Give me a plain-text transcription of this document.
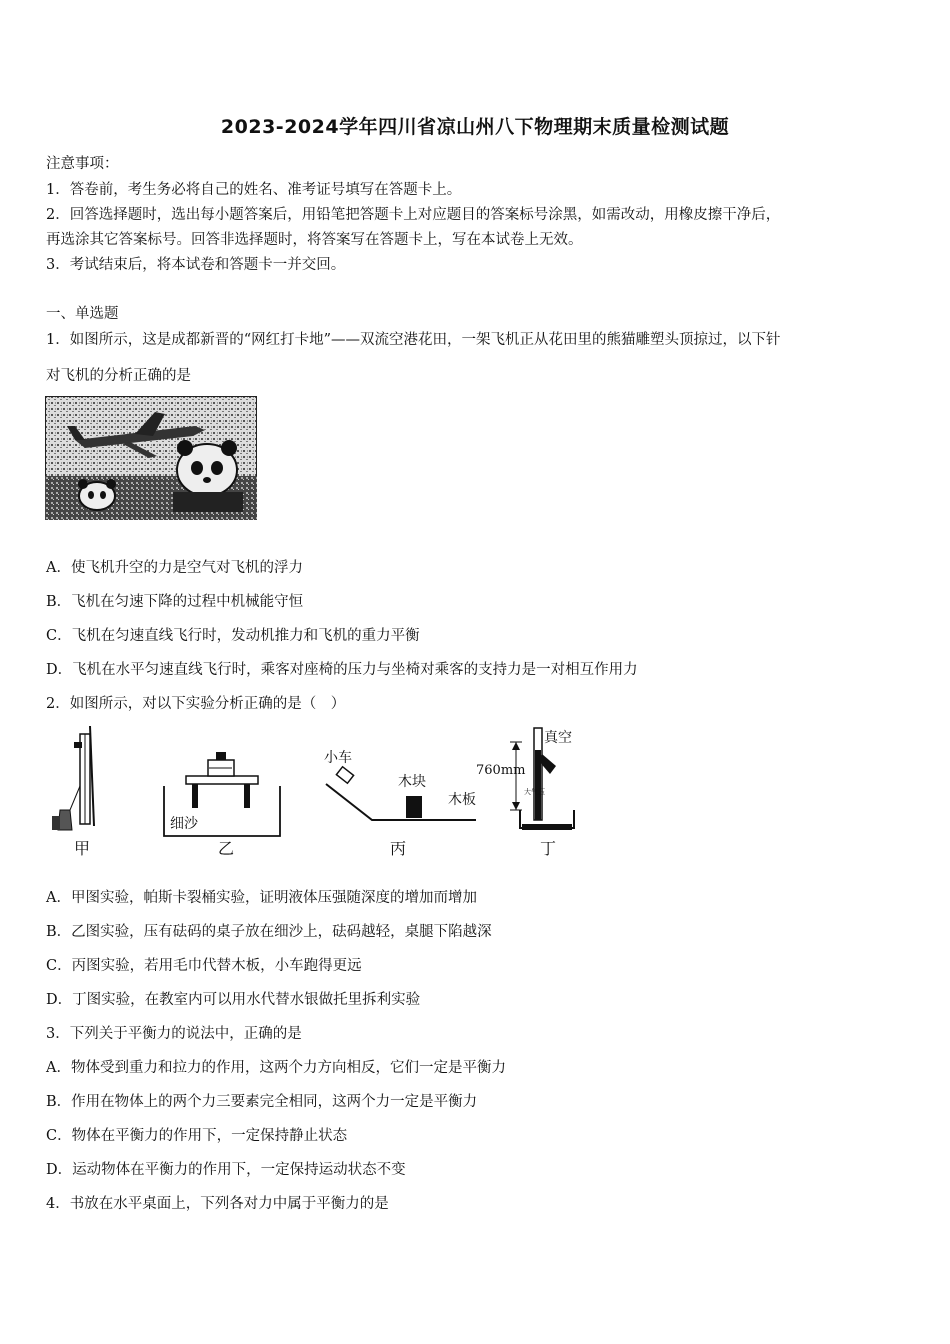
2023-2024学年四川省凉山州八下物理期末质量检测试题
注意事项：
1．答卷前，考生务必将自己的姓名、准考证号填写在答题卡上。
2．回答选择题时，选出每小题答案后，用铅笔把答题卡上对应题目的答案标号涂黑，如需改动，用橡皮擦干净后，
再选涂其它答案标号。回答非选择题时，将答案写在答题卡上，写在本试卷上无效。
3．考试结束后，将本试卷和答题卡一并交回。
一、单选题
1．如图所示，这是成都新晋的“网红打卡地”——双流空港花田，一架飞机正从花田里的熊猫雕塑头顶掠过，以下针
对飞机的分析正确的是
A．使飞机升空的力是空气对飞机的浮力
B．飞机在匀速下降的过程中机械能守恒
C．飞机在匀速直线飞行时，发动机推力和飞机的重力平衡
D．飞机在水平匀速直线飞行时，乘客对座椅的压力与坐椅对乘客的支持力是一对相互作用力
2．如图所示，对以下实验分析正确的是（　）
甲
细沙
乙
小车
木块
木板
丙
真空
760mm
大气压
丁
A．甲图实验，帕斯卡裂桶实验，证明液体压强随深度的增加而增加
B．乙图实验，压有砝码的桌子放在细沙上，砝码越轻，桌腿下陷越深
C．丙图实验，若用毛巾代替木板，小车跑得更远
D．丁图实验，在教室内可以用水代替水银做托里拆利实验
3．下列关于平衡力的说法中，正确的是
A．物体受到重力和拉力的作用，这两个力方向相反，它们一定是平衡力
B．作用在物体上的两个力三要素完全相同，这两个力一定是平衡力
C．物体在平衡力的作用下，一定保持静止状态
D．运动物体在平衡力的作用下，一定保持运动状态不变
4．书放在水平桌面上，下列各对力中属于平衡力的是
